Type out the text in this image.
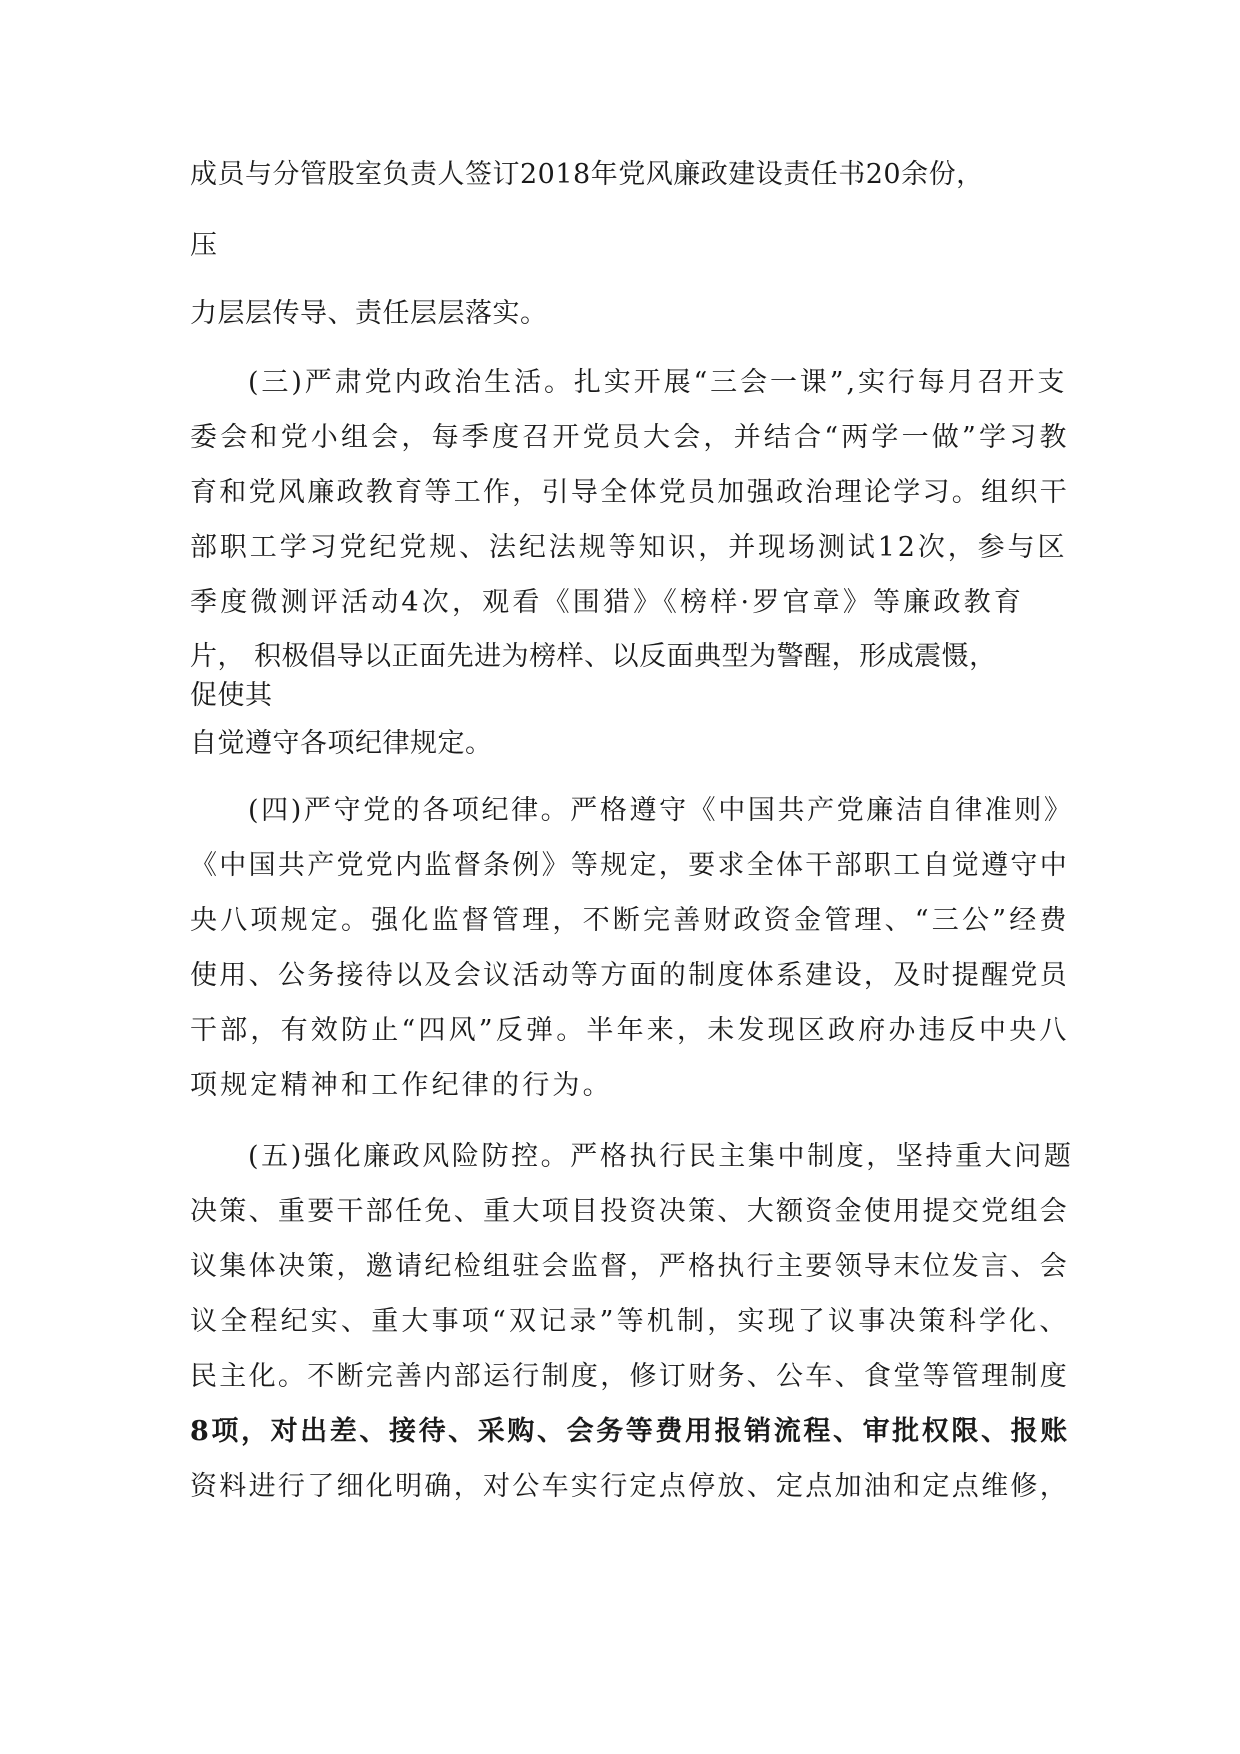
成员与分管股室负责人签订2018年党风廉政建设责任书20余份，
压
力层层传导、责任层层落实。
(三)严肃党内政治生活。扎实开展“三会一课”,实行每月召开支
委会和党小组会，每季度召开党员大会，并结合“两学一做”学习教
育和党风廉政教育等工作，引导全体党员加强政治理论学习。组织干
部职工学习党纪党规、法纪法规等知识，并现场测试12次，参与区
季度微测评活动4次，观看《围猎》《榜样·罗官章》等廉政教育
片， 积极倡导以正面先进为榜样、以反面典型为警醒，形成震慑，
促使其
自觉遵守各项纪律规定。
(四)严守党的各项纪律。严格遵守《中国共产党廉洁自律准则》
《中国共产党党内监督条例》等规定，要求全体干部职工自觉遵守中
央八项规定。强化监督管理，不断完善财政资金管理、“三公”经费
使用、公务接待以及会议活动等方面的制度体系建设，及时提醒党员
干部，有效防止“四风”反弹。半年来，未发现区政府办违反中央八
项规定精神和工作纪律的行为。
(五)强化廉政风险防控。严格执行民主集中制度，坚持重大问题
决策、重要干部任免、重大项目投资决策、大额资金使用提交党组会
议集体决策，邀请纪检组驻会监督，严格执行主要领导末位发言、会
议全程纪实、重大事项“双记录”等机制，实现了议事决策科学化、
民主化。不断完善内部运行制度，修订财务、公车、食堂等管理制度
8项，对出差、接待、采购、会务等费用报销流程、审批权限、报账
资料进行了细化明确，对公车实行定点停放、定点加油和定点维修，
